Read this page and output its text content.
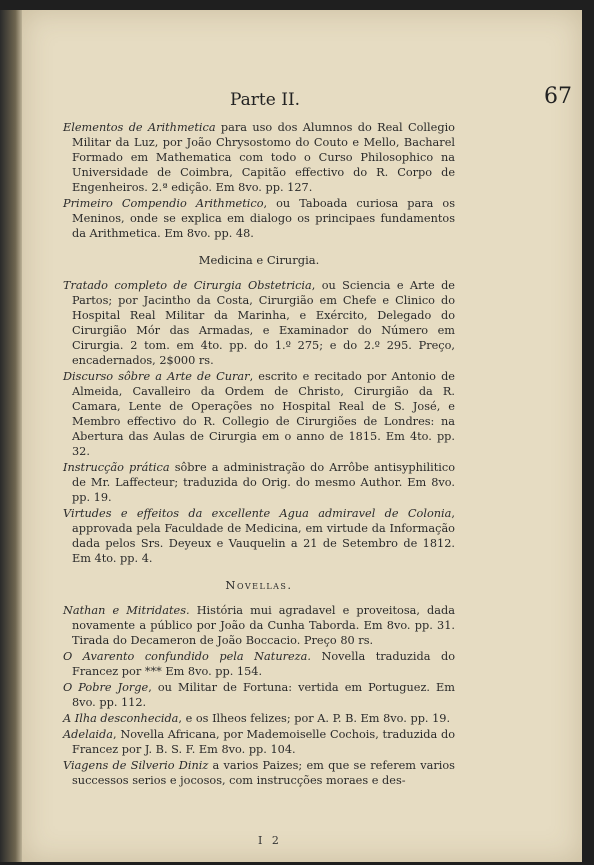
Parte II.	67

Elementos de Arithmetica para uso dos Alumnos do Real Collegio Militar da Luz, por João Chrysostomo do Couto e Mello, Bacharel Formado em Mathematica com todo o Curso Philosophico na Universidade de Coimbra, Capitão effectivo do R. Corpo de Engenheiros. 2.ª edição. Em 8vo. pp. 127.

Primeiro Compendio Arithmetico, ou Taboada curiosa para os Meninos, onde se explica em dialogo os principaes fundamentos da Arithmetica. Em 8vo. pp. 48.

Medicina e Cirurgia.

Tratado completo de Cirurgia Obstetricia, ou Sciencia e Arte de Partos; por Jacintho da Costa, Cirurgião em Chefe e Clinico do Hospital Real Militar da Marinha, e Exército, Delegado do Cirurgião Mór das Armadas, e Examinador do Número em Cirurgia. 2 tom. em 4to. pp. do 1.º 275; e do 2.º 295. Preço, encadernados, 2$000 rs.

Discurso sôbre a Arte de Curar, escrito e recitado por Antonio de Almeida, Cavalleiro da Ordem de Christo, Cirurgião da R. Camara, Lente de Operações no Hospital Real de S. José, e Membro effectivo do R. Collegio de Cirurgiões de Londres: na Abertura das Aulas de Cirurgia em o anno de 1815. Em 4to. pp. 32.

Instrucção prática sôbre a administração do Arrôbe antisyphilitico de Mr. Laffecteur; traduzida do Orig. do mesmo Author. Em 8vo. pp. 19.

Virtudes e effeitos da excellente Agua admiravel de Colonia, approvada pela Faculdade de Medicina, em virtude da Informação dada pelos Srs. Deyeux e Vauquelin a 21 de Setembro de 1812. Em 4to. pp. 4.

Novellas.

Nathan e Mitridates. História mui agradavel e proveitosa, dada novamente a público por João da Cunha Taborda. Em 8vo. pp. 31. Tirada do Decameron de João Boccacio. Preço 80 rs.

O Avarento confundido pela Natureza. Novella traduzida do Francez por *** Em 8vo. pp. 154.

O Pobre Jorge, ou Militar de Fortuna: vertida em Portuguez. Em 8vo. pp. 112.

A Ilha desconhecida, e os Ilheos felizes; por A. P. B. Em 8vo. pp. 19.

Adelaida, Novella Africana, por Mademoiselle Cochois, traduzida do Francez por J. B. S. F. Em 8vo. pp. 104.

Viagens de Silverio Diniz a varios Paizes; em que se referem varios successos serios e jocosos, com instrucções moraes e des-

I 2
